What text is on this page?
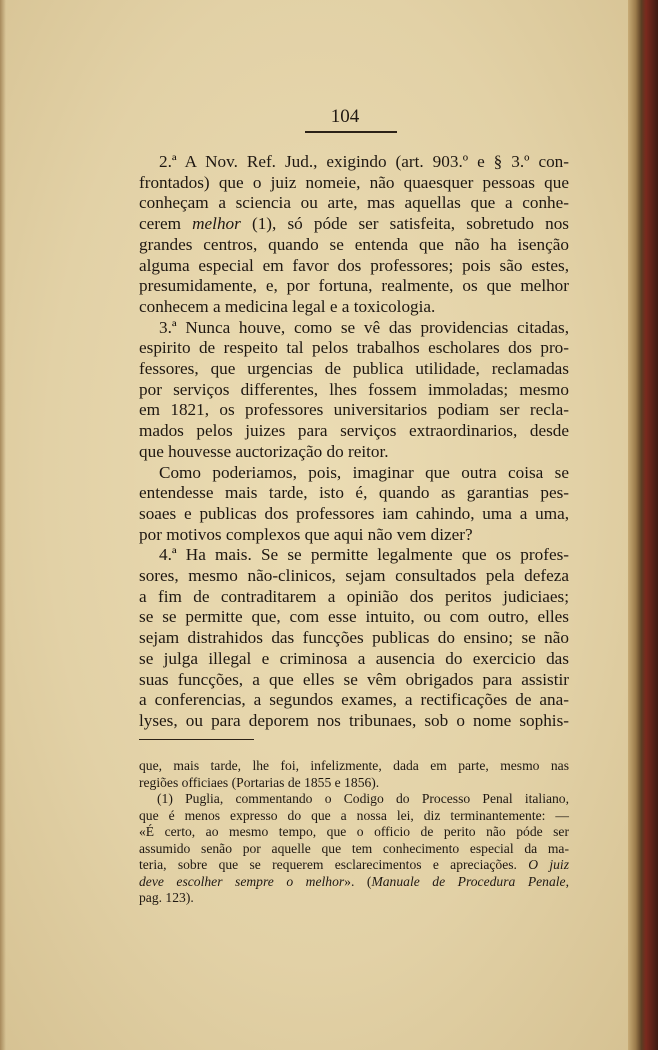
104
2.ª A Nov. Ref. Jud., exigindo (art. 903.º e § 3.º con-
frontados) que o juiz nomeie, não quaesquer pessoas que
conheçam a sciencia ou arte, mas aquellas que a conhe-
cerem melhor (1), só póde ser satisfeita, sobretudo nos
grandes centros, quando se entenda que não ha isenção
alguma especial em favor dos professores; pois são estes,
presumidamente, e, por fortuna, realmente, os que melhor
conhecem a medicina legal e a toxicologia.
3.ª Nunca houve, como se vê das providencias citadas,
espirito de respeito tal pelos trabalhos escholares dos pro-
fessores, que urgencias de publica utilidade, reclamadas
por serviços differentes, lhes fossem immoladas; mesmo
em 1821, os professores universitarios podiam ser recla-
mados pelos juizes para serviços extraordinarios, desde
que houvesse auctorização do reitor.
Como poderiamos, pois, imaginar que outra coisa se
entendesse mais tarde, isto é, quando as garantias pes-
soaes e publicas dos professores iam cahindo, uma a uma,
por motivos complexos que aqui não vem dizer?
4.ª Ha mais. Se se permitte legalmente que os profes-
sores, mesmo não-clinicos, sejam consultados pela defeza
a fim de contraditarem a opinião dos peritos judiciaes;
se se permitte que, com esse intuito, ou com outro, elles
sejam distrahidos das funcções publicas do ensino; se não
se julga illegal e criminosa a ausencia do exercicio das
suas funcções, a que elles se vêm obrigados para assistir
a conferencias, a segundos exames, a rectificações de ana-
lyses, ou para deporem nos tribunaes, sob o nome sophis-
que, mais tarde, lhe foi, infelizmente, dada em parte, mesmo nas
regiões officiaes (Portarias de 1855 e 1856).
(1) Puglia, commentando o Codigo do Processo Penal italiano,
que é menos expresso do que a nossa lei, diz terminantemente: —
«É certo, ao mesmo tempo, que o officio de perito não póde ser
assumido senão por aquelle que tem conhecimento especial da ma-
teria, sobre que se requerem esclarecimentos e apreciações. O juiz
deve escolher sempre o melhor». (Manuale de Procedura Penale,
pag. 123).
